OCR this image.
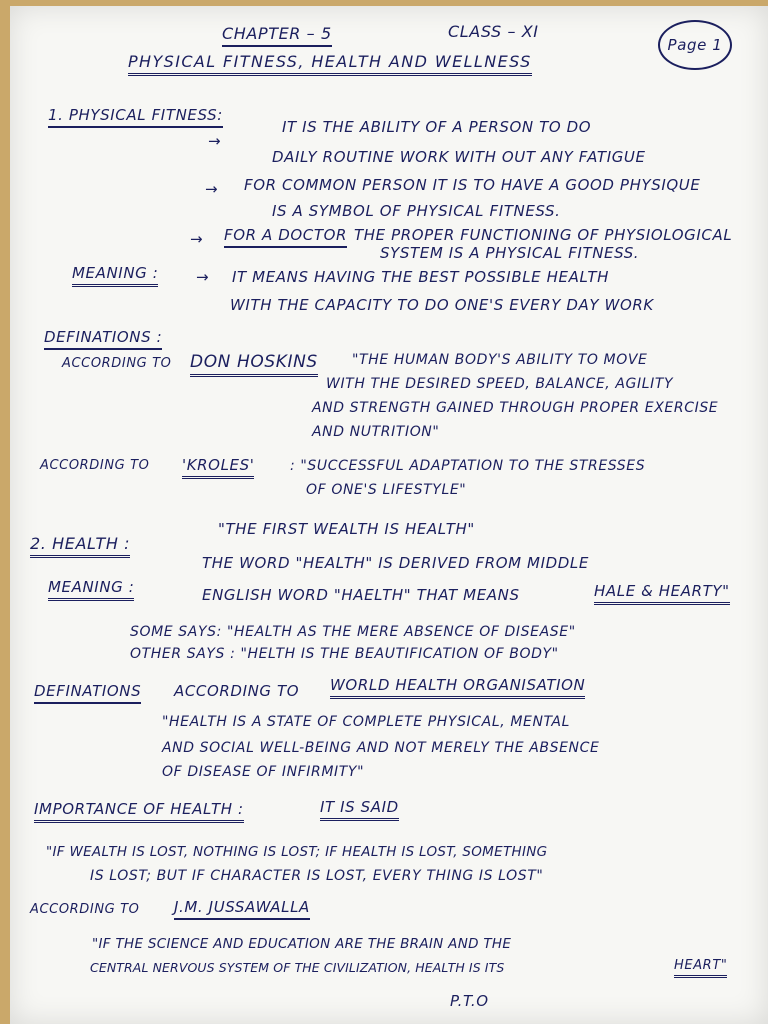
CHAPTER – 5	CLASS – XI
Page 1
PHYSICAL FITNESS, HEALTH AND WELLNESS
1. PHYSICAL FITNESS:
IT IS THE ABILITY OF A PERSON TO DO
→
DAILY ROUTINE WORK WITH OUT ANY FATIGUE
→ FOR COMMON PERSON IT IS TO HAVE A GOOD PHYSIQUE
IS A SYMBOL OF PHYSICAL FITNESS.
→ FOR A DOCTOR THE PROPER FUNCTIONING OF PHYSIOLOGICAL
SYSTEM IS A PHYSICAL FITNESS.
MEANING :	→ IT MEANS HAVING THE BEST POSSIBLE HEALTH
WITH THE CAPACITY TO DO ONE'S EVERY DAY WORK
DEFINATIONS :
ACCORDING TO DON HOSKINS "THE HUMAN BODY'S ABILITY TO MOVE
WITH THE DESIRED SPEED, BALANCE, AGILITY
AND STRENGTH GAINED THROUGH PROPER EXERCISE
AND NUTRITION"
ACCORDING TO 'KROLES'	: "SUCCESSFUL ADAPTATION TO THE STRESSES
OF ONE'S LIFESTYLE"
2. HEALTH :
"THE FIRST WEALTH IS HEALTH"
MEANING :
THE WORD "HEALTH" IS DERIVED FROM MIDDLE
ENGLISH WORD "HAELTH" THAT MEANS	HALE & HEARTY"
SOME SAYS: "HEALTH AS THE MERE ABSENCE OF DISEASE"
OTHER SAYS : "HELTH IS THE BEAUTIFICATION OF BODY"
DEFINATIONS ACCORDING TO WORLD HEALTH ORGANISATION
"HEALTH IS A STATE OF COMPLETE PHYSICAL, MENTAL
AND SOCIAL WELL-BEING AND NOT MERELY THE ABSENCE
OF DISEASE OF INFIRMITY"
IMPORTANCE OF HEALTH :	IT IS SAID
"IF WEALTH IS LOST, NOTHING IS LOST; IF HEALTH IS LOST, SOMETHING
IS LOST; BUT IF CHARACTER IS LOST, EVERY THING IS LOST"
ACCORDING TO J.M. JUSSAWALLA
"IF THE SCIENCE AND EDUCATION ARE THE BRAIN AND THE
CENTRAL NERVOUS SYSTEM OF THE CIVILIZATION, HEALTH IS ITS	HEART"
P.T.O
